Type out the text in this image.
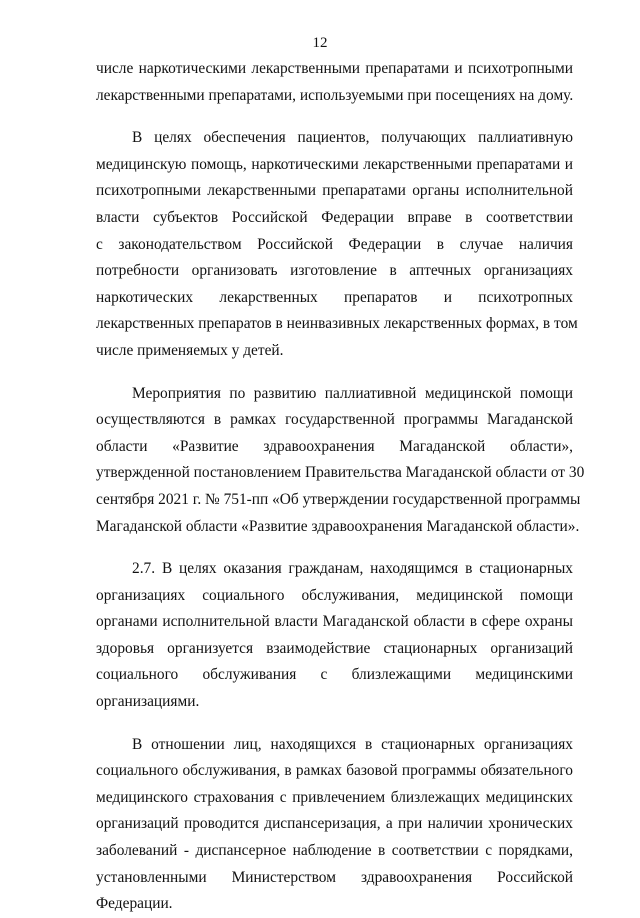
12
числе наркотическими лекарственными препаратами и психотропными
лекарственными препаратами, используемыми при посещениях на дому.
В целях обеспечения пациентов, получающих паллиативную
медицинскую помощь, наркотическими лекарственными препаратами и
психотропными лекарственными препаратами органы исполнительной
власти субъектов Российской Федерации вправе в соответствии
с законодательством Российской Федерации в случае наличия
потребности организовать изготовление в аптечных организациях
наркотических лекарственных препаратов и психотропных
лекарственных препаратов в неинвазивных лекарственных формах, в том
числе применяемых у детей.
Мероприятия по развитию паллиативной медицинской помощи
осуществляются в рамках государственной программы Магаданской
области «Развитие здравоохранения Магаданской области»,
утвержденной постановлением Правительства Магаданской области от 30
сентября 2021 г. № 751-пп «Об утверждении государственной программы
Магаданской области «Развитие здравоохранения Магаданской области».
2.7. В целях оказания гражданам, находящимся в стационарных
организациях социального обслуживания, медицинской помощи
органами исполнительной власти Магаданской области в сфере охраны
здоровья организуется взаимодействие стационарных организаций
социального обслуживания с близлежащими медицинскими
организациями.
В отношении лиц, находящихся в стационарных организациях
социального обслуживания, в рамках базовой программы обязательного
медицинского страхования с привлечением близлежащих медицинских
организаций проводится диспансеризация, а при наличии хронических
заболеваний - диспансерное наблюдение в соответствии с порядками,
установленными Министерством здравоохранения Российской
Федерации.
